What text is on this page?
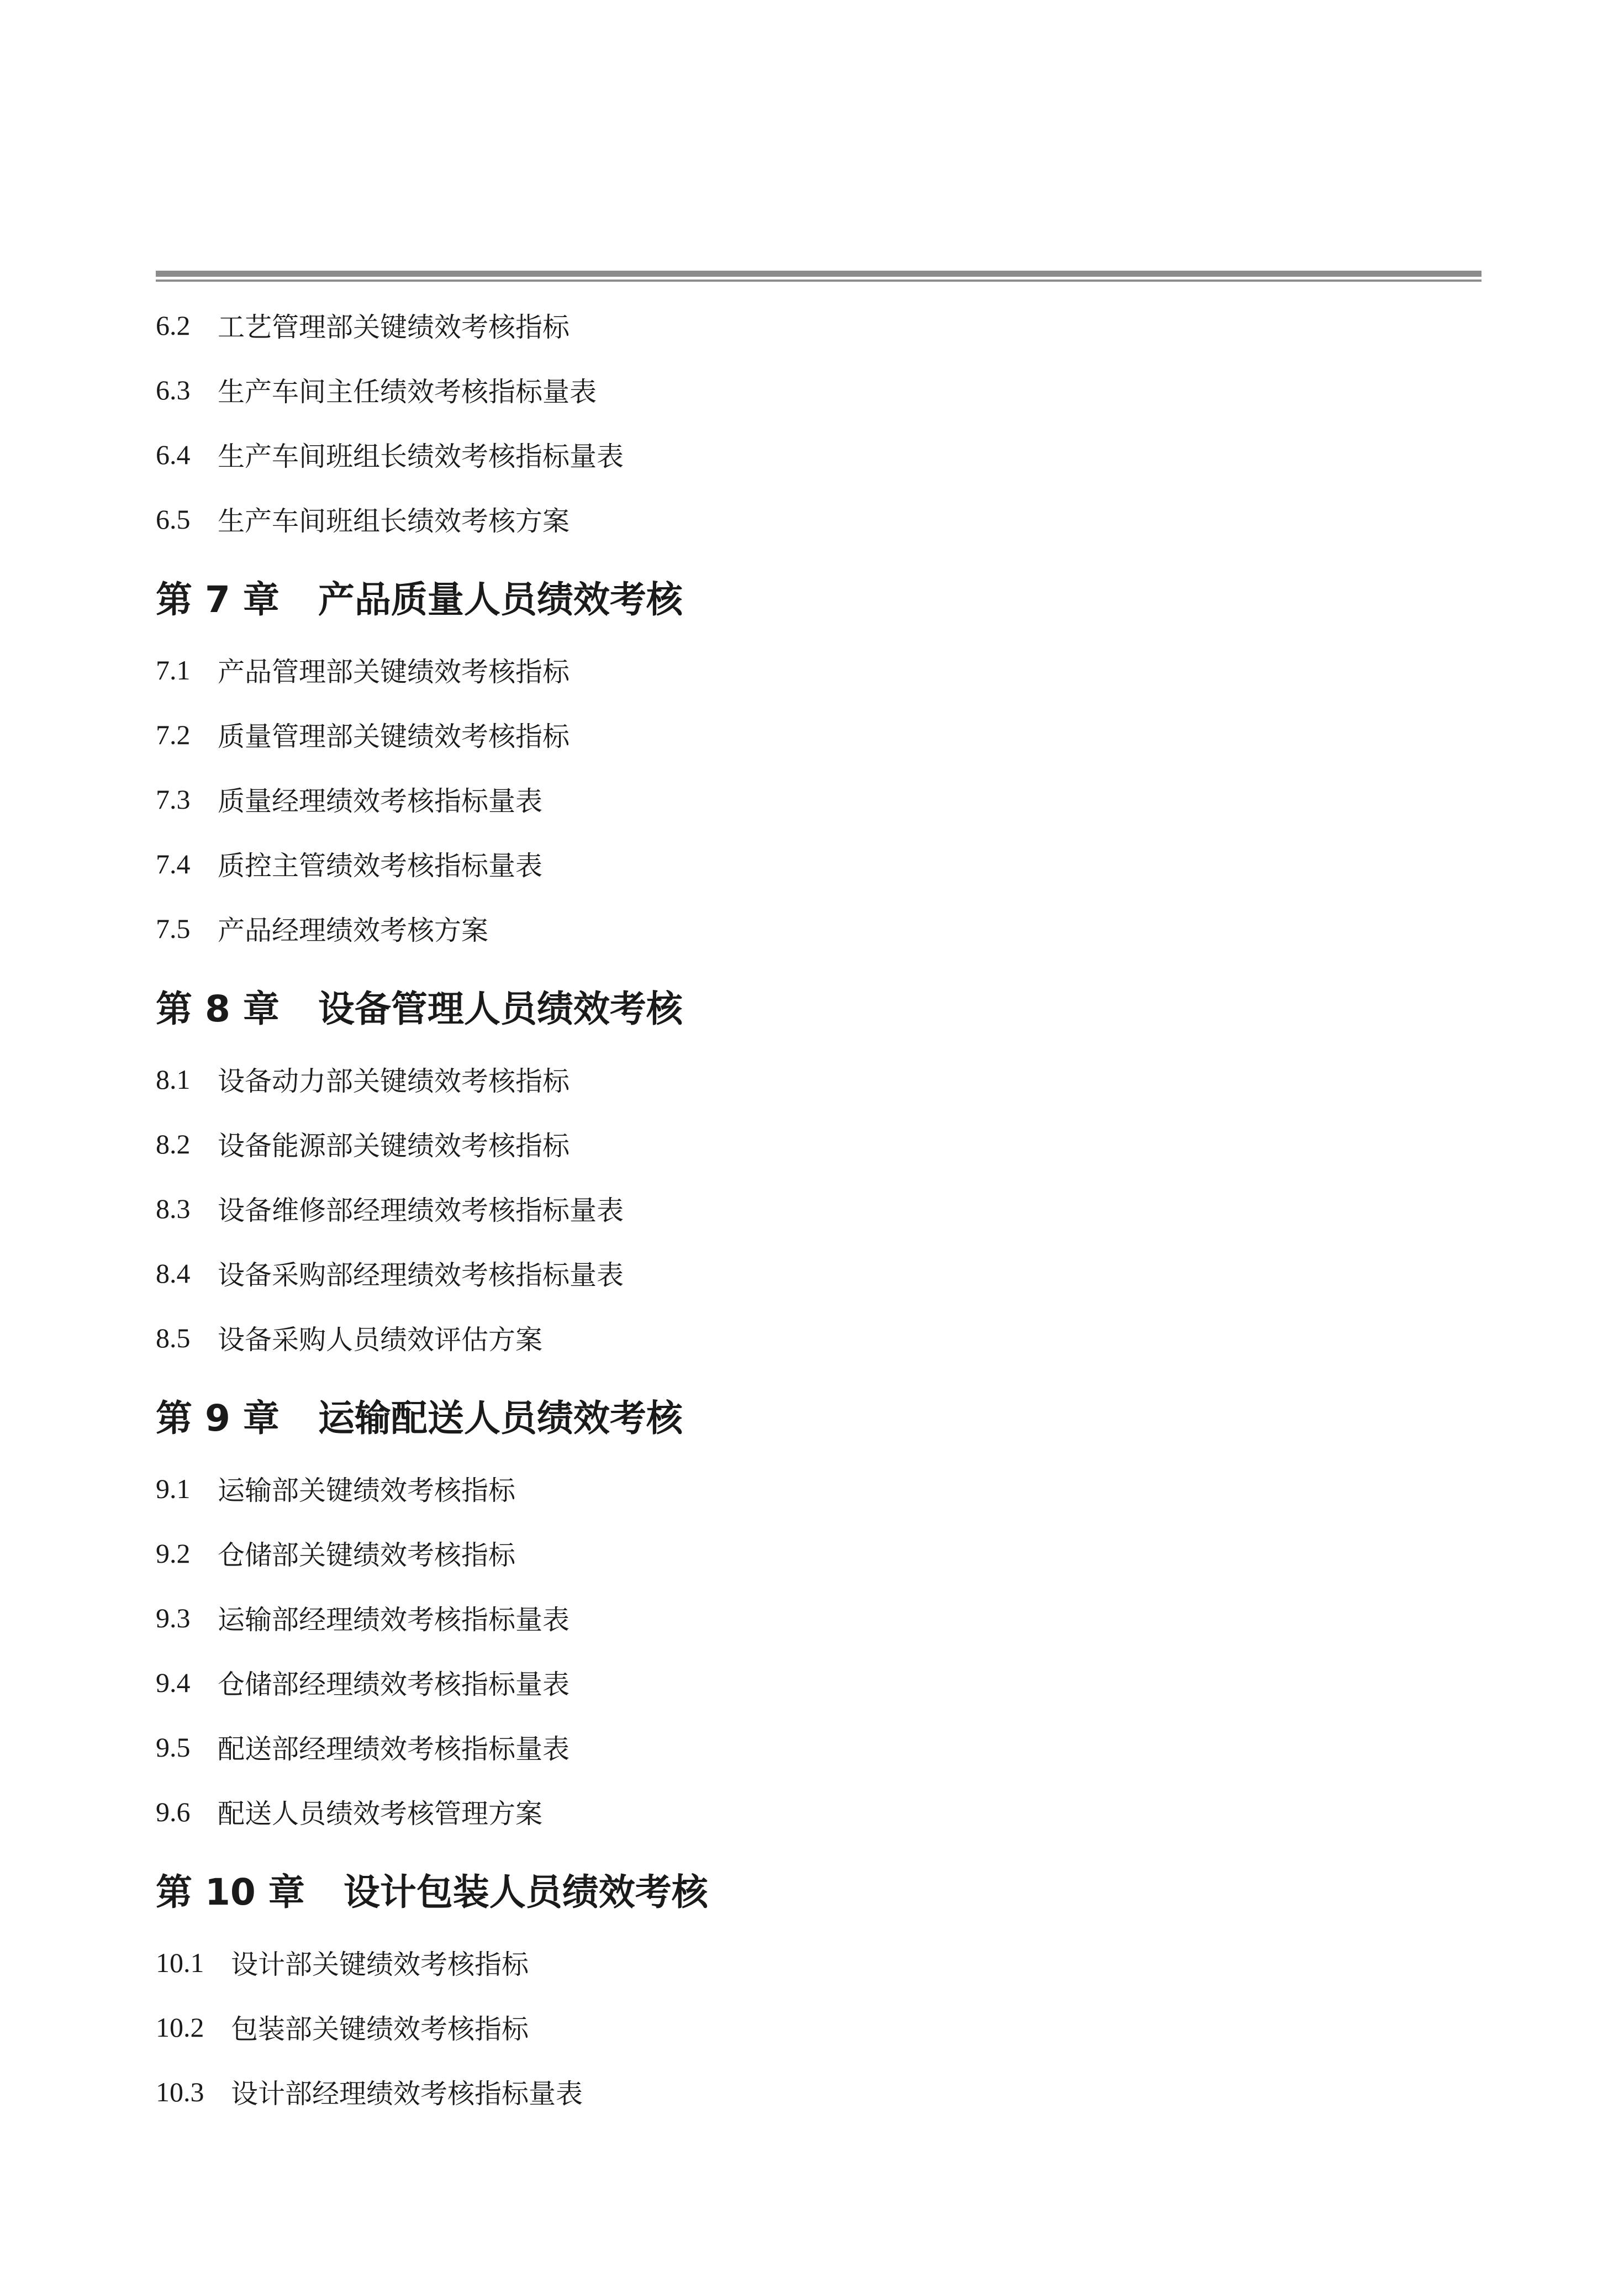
6.2	工艺管理部关键绩效考核指标
6.3	生产车间主任绩效考核指标量表
6.4	生产车间班组长绩效考核指标量表
6.5	生产车间班组长绩效考核方案
第 7 章 产品质量人员绩效考核
7.1	产品管理部关键绩效考核指标
7.2	质量管理部关键绩效考核指标
7.3	质量经理绩效考核指标量表
7.4	质控主管绩效考核指标量表
7.5	产品经理绩效考核方案
第 8 章 设备管理人员绩效考核
8.1	设备动力部关键绩效考核指标
8.2	设备能源部关键绩效考核指标
8.3	设备维修部经理绩效考核指标量表
8.4	设备采购部经理绩效考核指标量表
8.5	设备采购人员绩效评估方案
第 9 章 运输配送人员绩效考核
9.1	运输部关键绩效考核指标
9.2	仓储部关键绩效考核指标
9.3	运输部经理绩效考核指标量表
9.4	仓储部经理绩效考核指标量表
9.5	配送部经理绩效考核指标量表
9.6	配送人员绩效考核管理方案
第 10 章 设计包装人员绩效考核
10.1 设计部关键绩效考核指标
10.2 包装部关键绩效考核指标
10.3 设计部经理绩效考核指标量表
